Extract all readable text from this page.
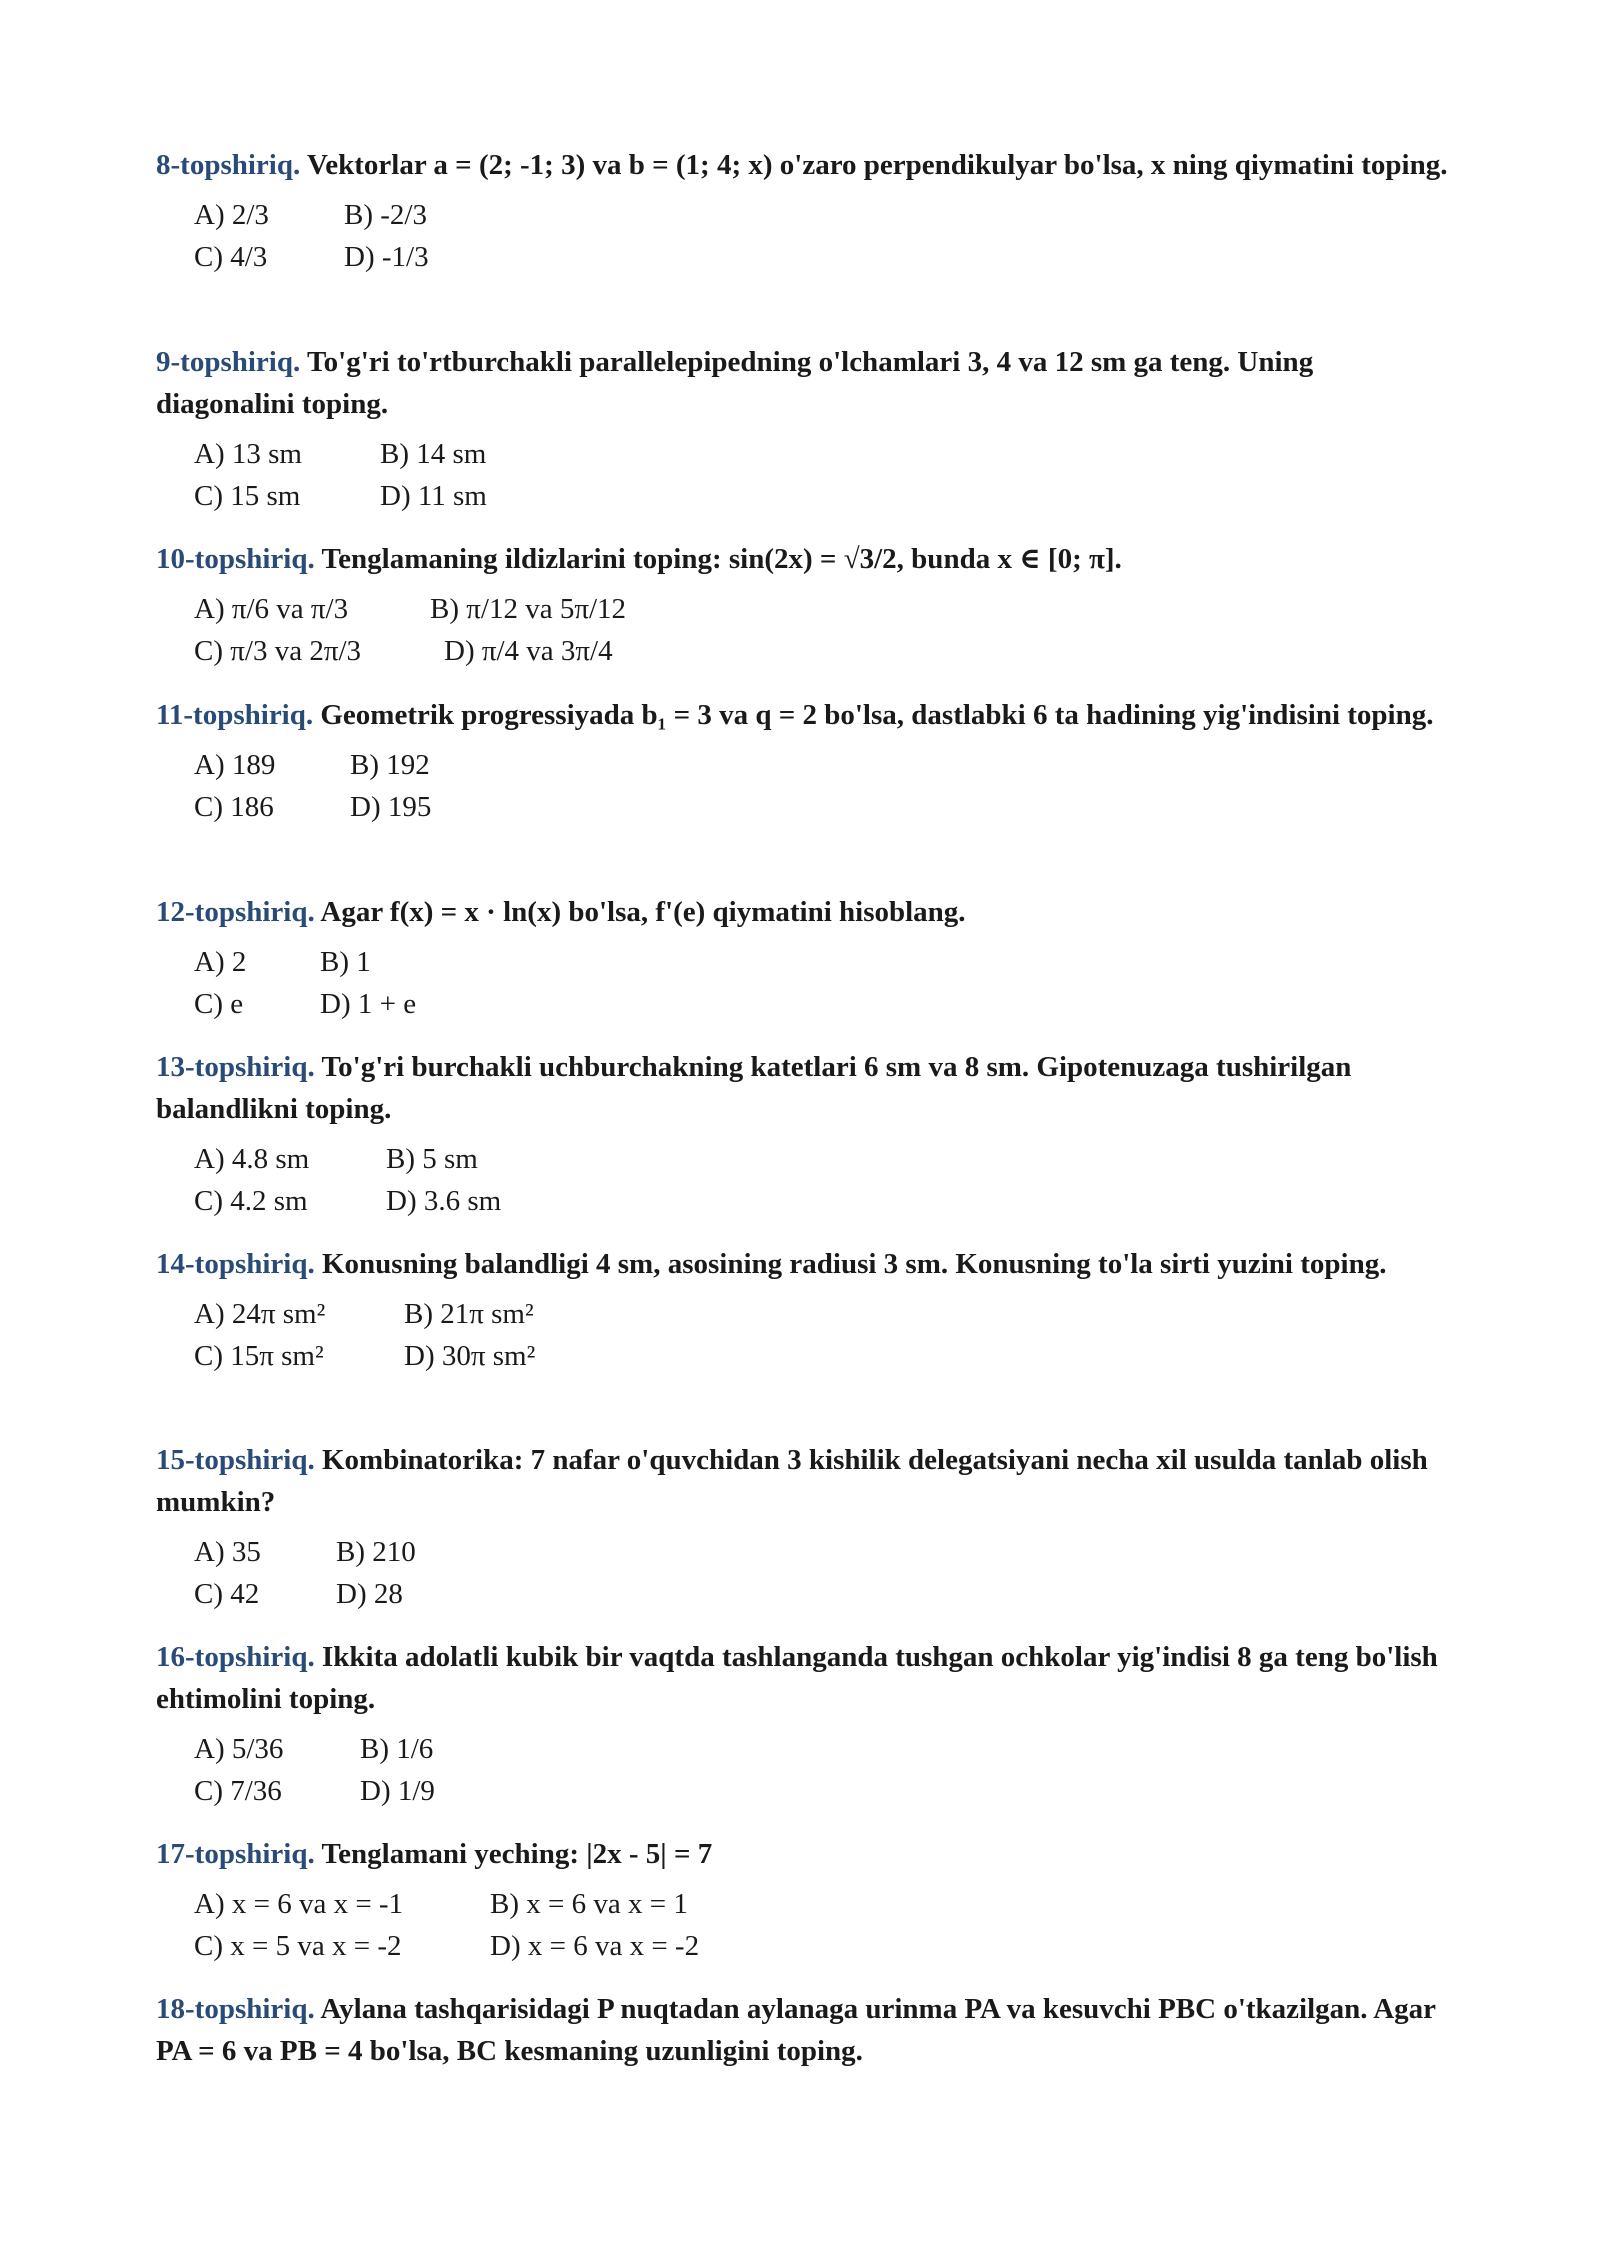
8-topshiriq. Vektorlar a = (2; -1; 3) va b = (1; 4; x) o'zaro perpendikulyar bo'lsa, x ning qiymatini toping.

A) 2/3	B) -2/3
C) 4/3	D) -1/3

9-topshiriq. To'g'ri to'rtburchakli parallelepipedning o'lchamlari 3, 4 va 12 sm ga teng. Uning diagonalini toping.

A) 13 sm	B) 14 sm
C) 15 sm	D) 11 sm

10-topshiriq. Tenglamaning ildizlarini toping: sin(2x) = √3/2, bunda x ∈ [0; π].

A) π/6 va π/3	B) π/12 va 5π/12
C) π/3 va 2π/3	D) π/4 va 3π/4

11-topshiriq. Geometrik progressiyada b₁ = 3 va q = 2 bo'lsa, dastlabki 6 ta hadining yig'indisini toping.

A) 189	B) 192
C) 186	D) 195

12-topshiriq. Agar f(x) = x · ln(x) bo'lsa, f'(e) qiymatini hisoblang.

A) 2	B) 1
C) e	D) 1 + e

13-topshiriq. To'g'ri burchakli uchburchakning katetlari 6 sm va 8 sm. Gipotenuzaga tushirilgan balandlikni toping.

A) 4.8 sm	B) 5 sm
C) 4.2 sm	D) 3.6 sm

14-topshiriq. Konusning balandligi 4 sm, asosining radiusi 3 sm. Konusning to'la sirti yuzini toping.

A) 24π sm²	B) 21π sm²
C) 15π sm²	D) 30π sm²

15-topshiriq. Kombinatorika: 7 nafar o'quvchidan 3 kishilik delegatsiyani necha xil usulda tanlab olish mumkin?

A) 35	B) 210
C) 42	D) 28

16-topshiriq. Ikkita adolatli kubik bir vaqtda tashlanganda tushgan ochkolar yig'indisi 8 ga teng bo'lish ehtimolini toping.

A) 5/36	B) 1/6
C) 7/36	D) 1/9

17-topshiriq. Tenglamani yeching: |2x - 5| = 7

A) x = 6 va x = -1	B) x = 6 va x = 1
C) x = 5 va x = -2	D) x = 6 va x = -2

18-topshiriq. Aylana tashqarisidagi P nuqtadan aylanaga urinma PA va kesuvchi PBC o'tkazilgan. Agar PA = 6 va PB = 4 bo'lsa, BC kesmaning uzunligini toping.
